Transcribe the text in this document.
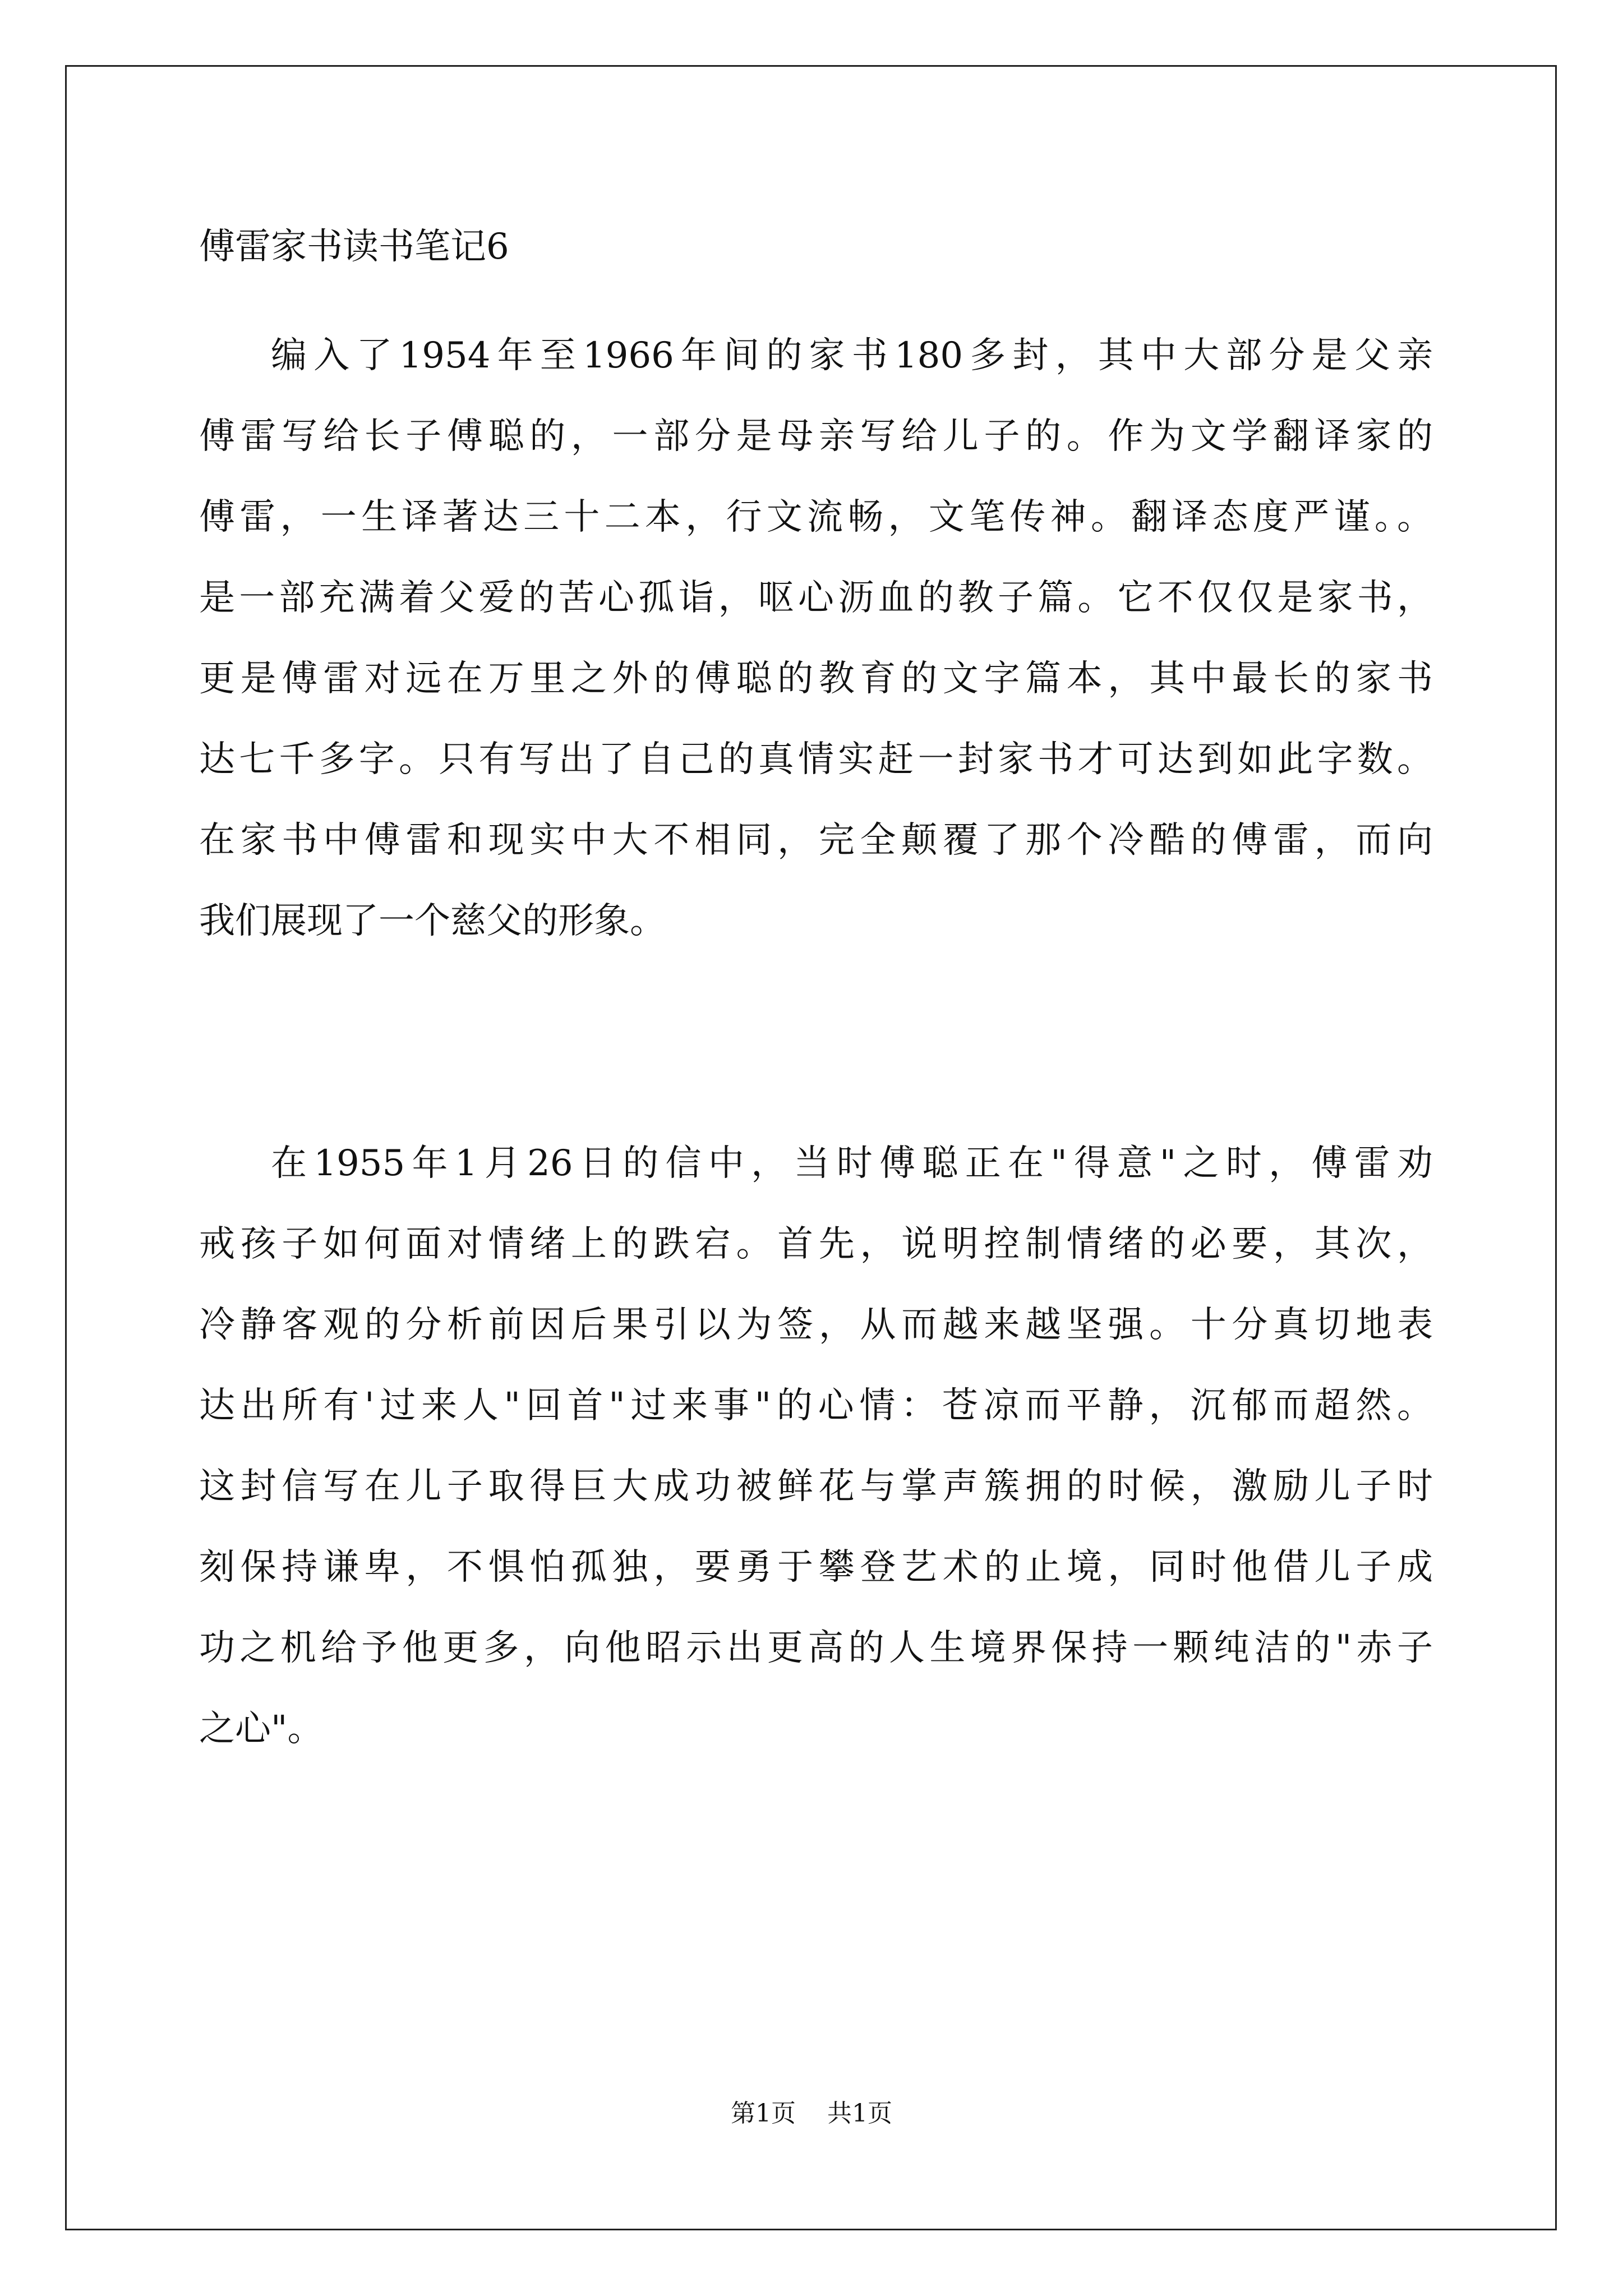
傅雷家书读书笔记6
编入了1954年至1966年间的家书180多封，其中大部分是父亲
傅雷写给长子傅聪的，一部分是母亲写给儿子的。作为文学翻译家的
傅雷，一生译著达三十二本，行文流畅，文笔传神。翻译态度严谨。。
是一部充满着父爱的苦心孤诣，呕心沥血的教子篇。它不仅仅是家书，
更是傅雷对远在万里之外的傅聪的教育的文字篇本，其中最长的家书
达七千多字。只有写出了自己的真情实赶一封家书才可达到如此字数。
在家书中傅雷和现实中大不相同，完全颠覆了那个冷酷的傅雷，而向
我们展现了一个慈父的形象。
在1955年1月26日的信中，当时傅聪正在"得意"之时，傅雷劝
戒孩子如何面对情绪上的跌宕。首先，说明控制情绪的必要，其次，
冷静客观的分析前因后果引以为签，从而越来越坚强。十分真切地表
达出所有'过来人"回首"过来事"的心情：苍凉而平静，沉郁而超然。
这封信写在儿子取得巨大成功被鲜花与掌声簇拥的时候，激励儿子时
刻保持谦卑，不惧怕孤独，要勇于攀登艺术的止境，同时他借儿子成
功之机给予他更多，向他昭示出更高的人生境界保持一颗纯洁的"赤子
之心"。
第1页 共1页
